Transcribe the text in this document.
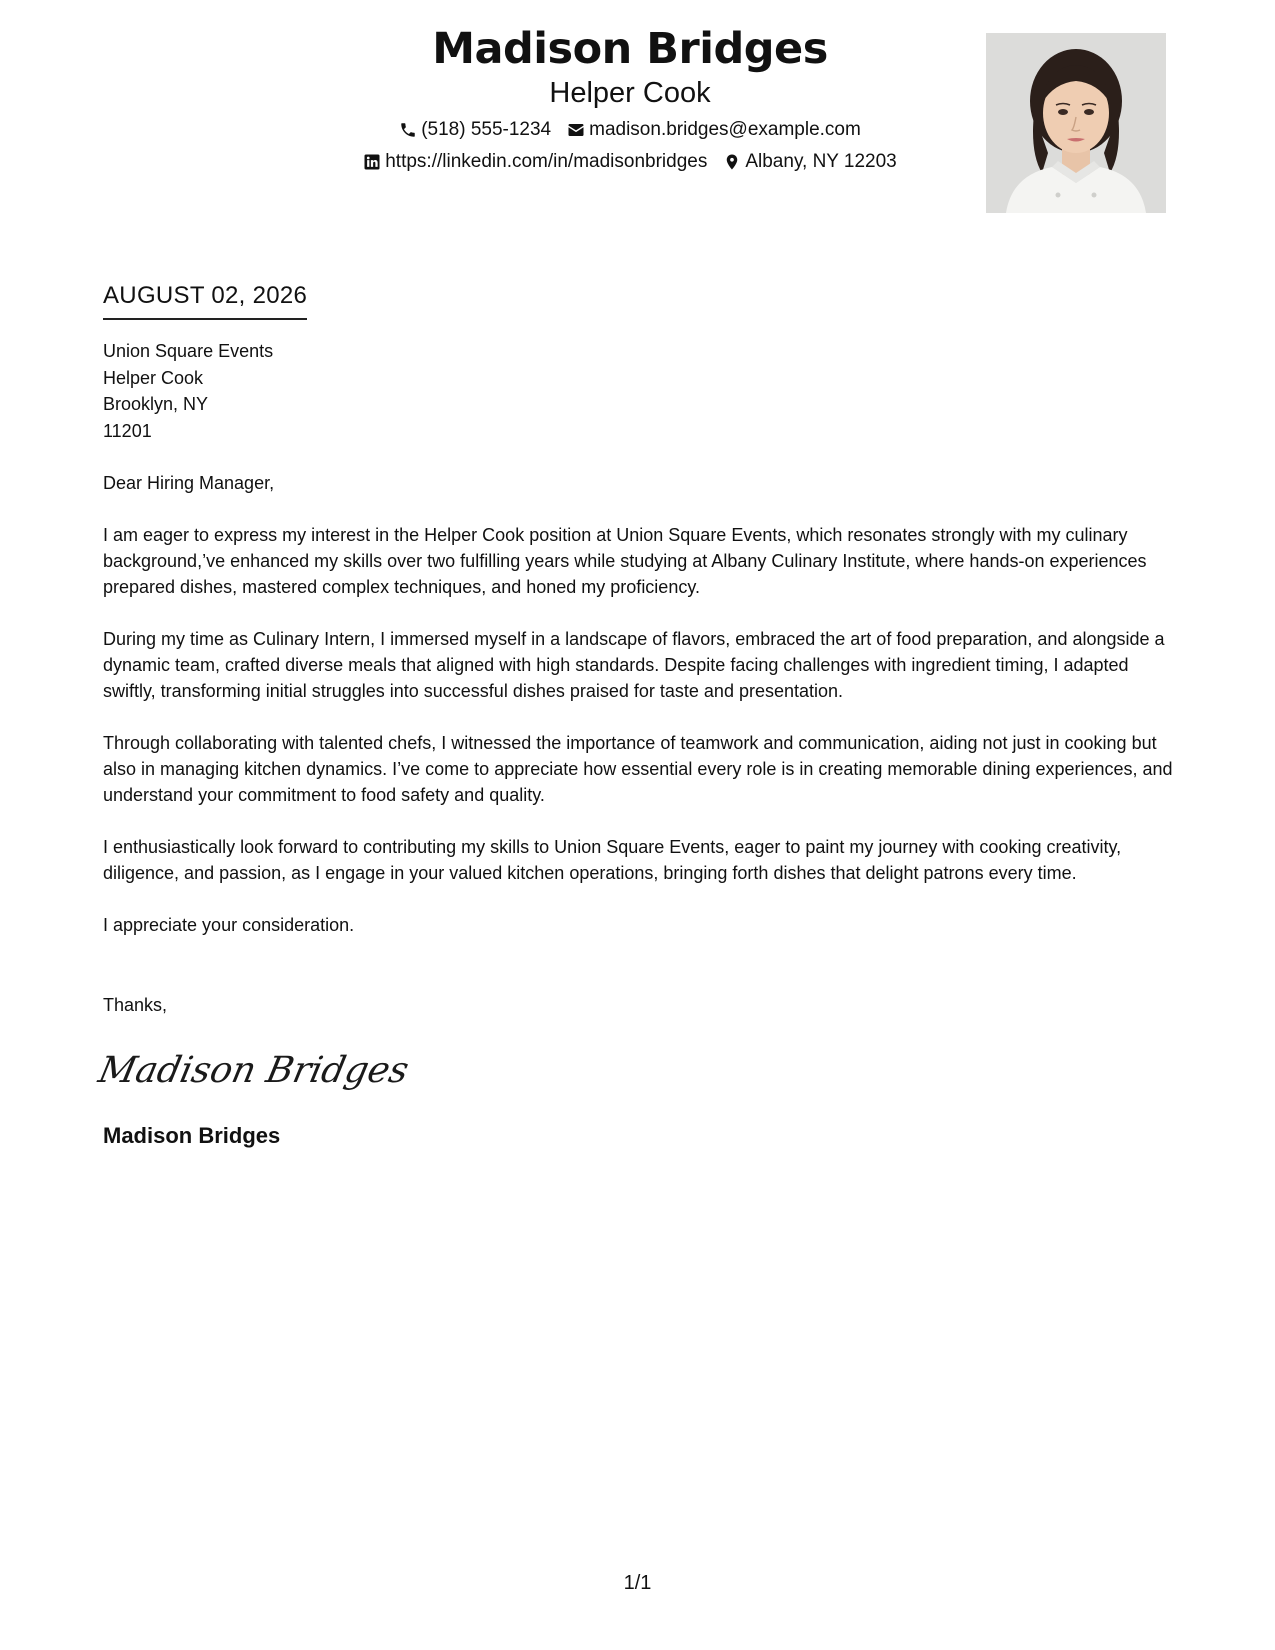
Madison Bridges
Helper Cook
(518) 555-1234 madison.bridges@example.com
https://linkedin.com/in/madisonbridges Albany, NY 12203
AUGUST 02, 2026
Union Square Events
Helper Cook
Brooklyn, NY
11201
Dear Hiring Manager,
I am eager to express my interest in the Helper Cook position at Union Square Events, which resonates strongly with my culinary background,’ve enhanced my skills over two fulfilling years while studying at Albany Culinary Institute, where hands-on experiences prepared dishes, mastered complex techniques, and honed my proficiency.
During my time as Culinary Intern, I immersed myself in a landscape of flavors, embraced the art of food preparation, and alongside a dynamic team, crafted diverse meals that aligned with high standards. Despite facing challenges with ingredient timing, I adapted swiftly, transforming initial struggles into successful dishes praised for taste and presentation.
Through collaborating with talented chefs, I witnessed the importance of teamwork and communication, aiding not just in cooking but also in managing kitchen dynamics. I’ve come to appreciate how essential every role is in creating memorable dining experiences, and understand your commitment to food safety and quality.
I enthusiastically look forward to contributing my skills to Union Square Events, eager to paint my journey with cooking creativity, diligence, and passion, as I engage in your valued kitchen operations, bringing forth dishes that delight patrons every time.
I appreciate your consideration.
Thanks,
Madison Bridges
Madison Bridges
1/1
